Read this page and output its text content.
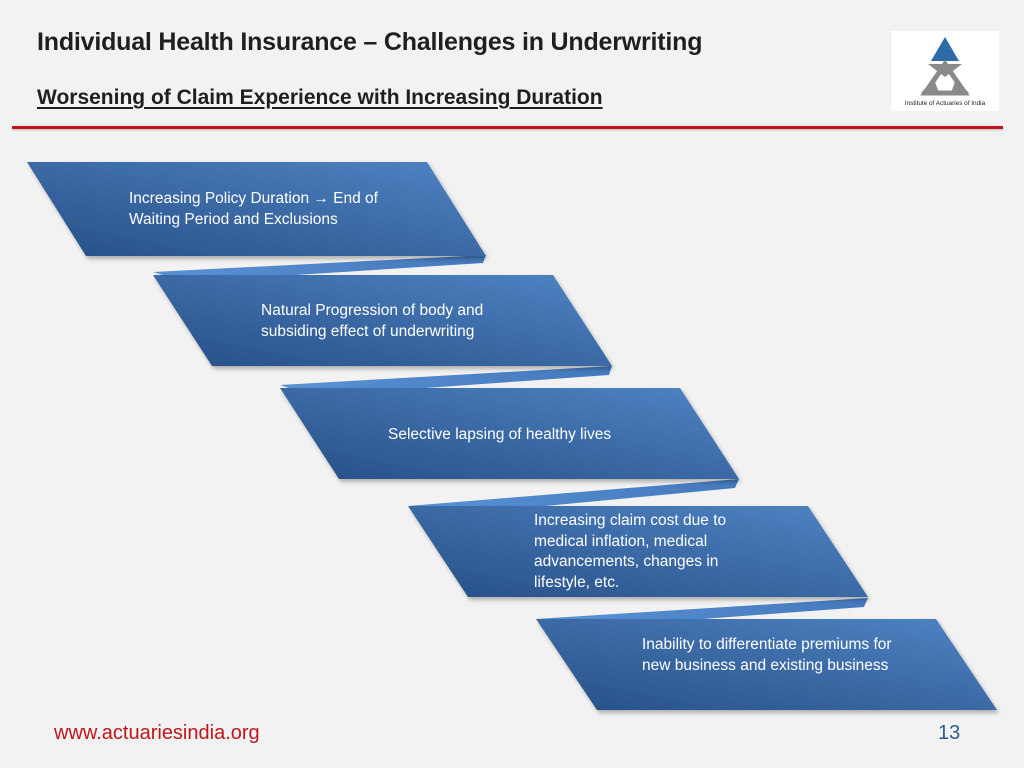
Individual Health Insurance – Challenges in Underwriting
Worsening of Claim Experience with Increasing Duration	Institute of Actuaries of India
Increasing Policy Duration → End of Waiting Period and Exclusions
Natural Progression of body and subsiding effect of underwriting
Selective lapsing of healthy lives
Increasing claim cost due to medical inflation, medical advancements, changes in lifestyle, etc.
Inability to differentiate premiums for new business and existing business
www.actuariesindia.org	13
